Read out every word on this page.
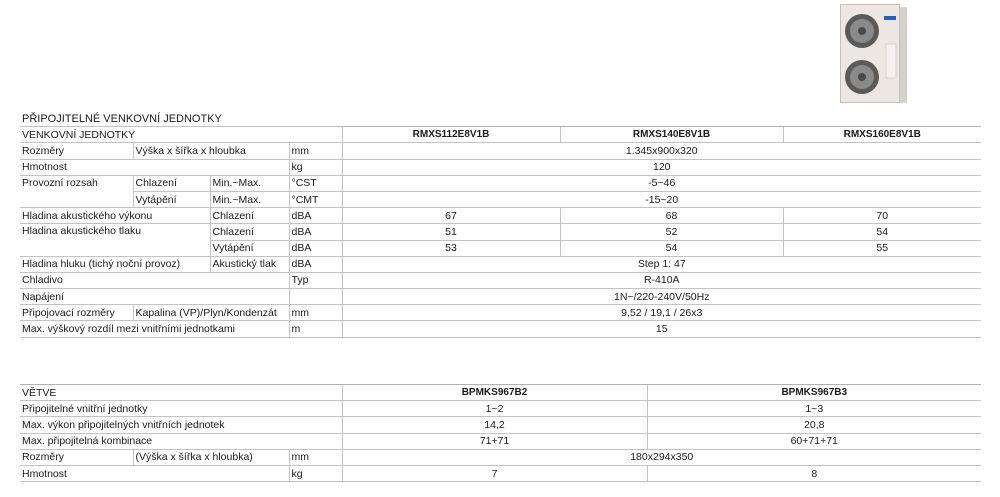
PŘIPOJITELNÉ VENKOVNÍ JEDNOTKY						
VENKOVNÍ JEDNOTKY				RMXS112E8V1B	RMXS140E8V1B	RMXS160E8V1B
Rozměry	Výška x šířka x hloubka		mm	1.345x900x320		
Hmotnost			kg	120		
Provozní rozsah	Chlazení	Min.~Max.	°CST	-5~46		
	Vytápění	Min.~Max.	°CMT	-15~20		
Hladina akustického výkonu		Chlazení	dBA	67	68	70
Hladina akustického tlaku		Chlazení	dBA	51	52	54
		Vytápění	dBA	53	54	55
Hladina hluku (tichý noční provoz)		Akustický tlak	dBA	Step 1: 47		
Chladivo			Typ	R-410A		
Napájení				1N~/220-240V/50Hz		
Připojovací rozměry	Kapalina (VP)/Plyn/Kondenzát		mm	9,52 / 19,1 / 26x3		
Max. výškový rozdíl mezi vnitřními jednotkami			m	15		
VĚTVE			BPMKS967B2	BPMKS967B3
Připojitelné vnitřní jednotky			1~2	1~3
Max. výkon připojitelných vnitřních jednotek			14,2	20,8
Max. připojitelná kombinace			71+71	60+71+71
Rozměry	(Výška x šířka x hloubka)	mm	180x294x350	
Hmotnost		kg	7	8
